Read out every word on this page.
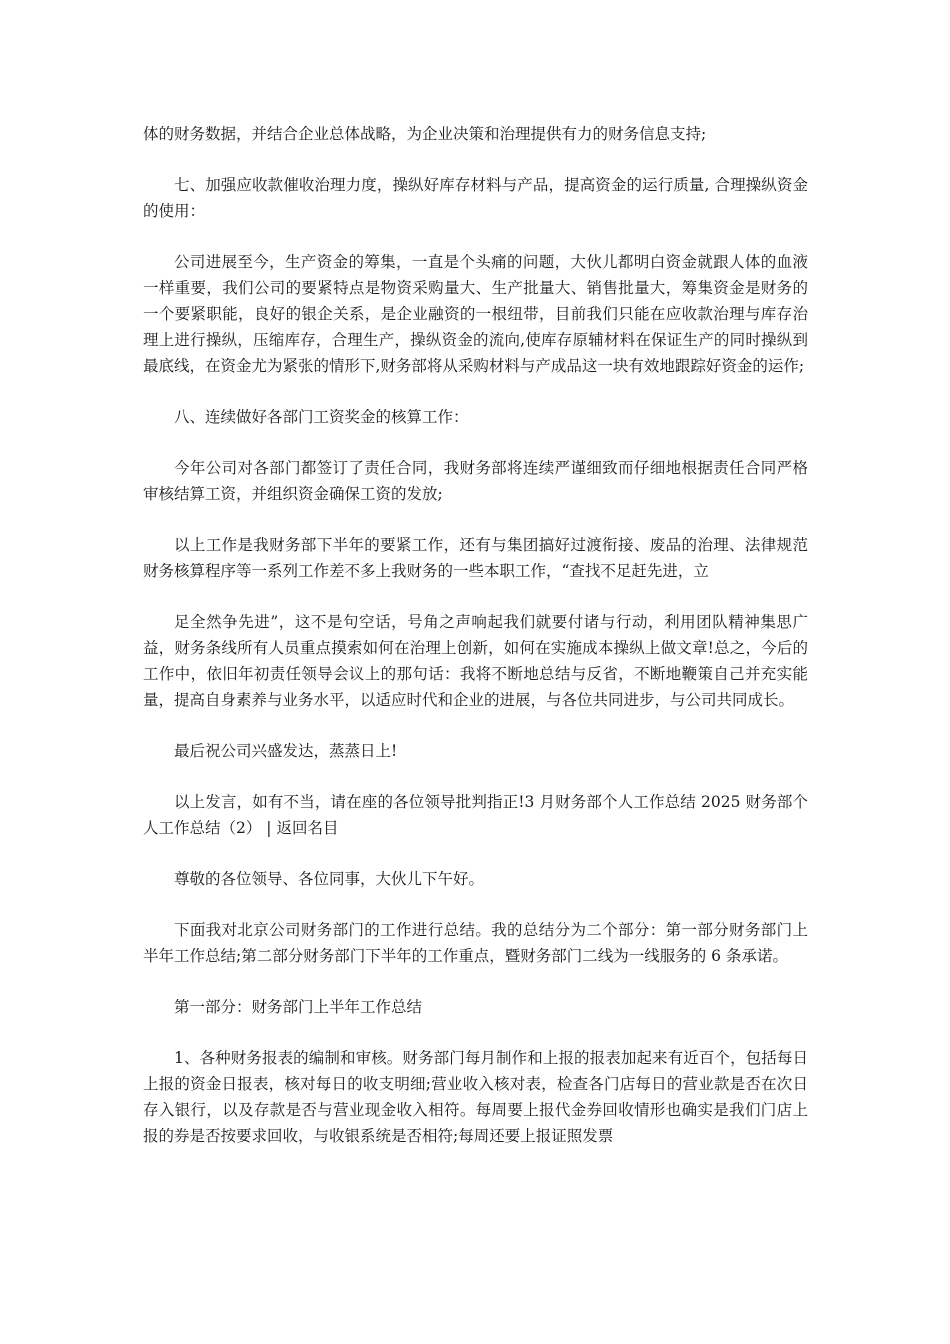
体的财务数据，并结合企业总体战略，为企业决策和治理提供有力的财务信息支持;

七、加强应收款催收治理力度，操纵好库存材料与产品，提高资金的运行质量, 合理操纵资金的使用：

公司进展至今，生产资金的筹集，一直是个头痛的问题，大伙儿都明白资金就跟人体的血液一样重要，我们公司的要紧特点是物资采购量大、生产批量大、销售批量大，筹集资金是财务的一个要紧职能，良好的银企关系，是企业融资的一根纽带，目前我们只能在应收款治理与库存治理上进行操纵，压缩库存，合理生产，操纵资金的流向,使库存原辅材料在保证生产的同时操纵到最底线，在资金尤为紧张的情形下,财务部将从采购材料与产成品这一块有效地跟踪好资金的运作;

八、连续做好各部门工资奖金的核算工作：

今年公司对各部门都签订了责任合同，我财务部将连续严谨细致而仔细地根据责任合同严格审核结算工资，并组织资金确保工资的发放;

以上工作是我财务部下半年的要紧工作，还有与集团搞好过渡衔接、废品的治理、法律规范财务核算程序等一系列工作差不多上我财务的一些本职工作，“查找不足赶先进，立

足全然争先进”，这不是句空话，号角之声响起我们就要付诸与行动，利用团队精神集思广益，财务条线所有人员重点摸索如何在治理上创新，如何在实施成本操纵上做文章!总之，今后的工作中，依旧年初责任领导会议上的那句话：我将不断地总结与反省，不断地鞭策自己并充实能量，提高自身素养与业务水平，以适应时代和企业的进展，与各位共同进步，与公司共同成长。

最后祝公司兴盛发达，蒸蒸日上!

以上发言，如有不当，请在座的各位领导批判指正!3 月财务部个人工作总结 2025 财务部个人工作总结（2） | 返回名目

尊敬的各位领导、各位同事，大伙儿下午好。

下面我对北京公司财务部门的工作进行总结。我的总结分为二个部分：第一部分财务部门上半年工作总结;第二部分财务部门下半年的工作重点，暨财务部门二线为一线服务的 6 条承诺。

第一部分：财务部门上半年工作总结

1、各种财务报表的编制和审核。财务部门每月制作和上报的报表加起来有近百个，包括每日上报的资金日报表，核对每日的收支明细;营业收入核对表，检查各门店每日的营业款是否在次日存入银行，以及存款是否与营业现金收入相符。每周要上报代金券回收情形也确实是我们门店上报的券是否按要求回收，与收银系统是否相符;每周还要上报证照发票
